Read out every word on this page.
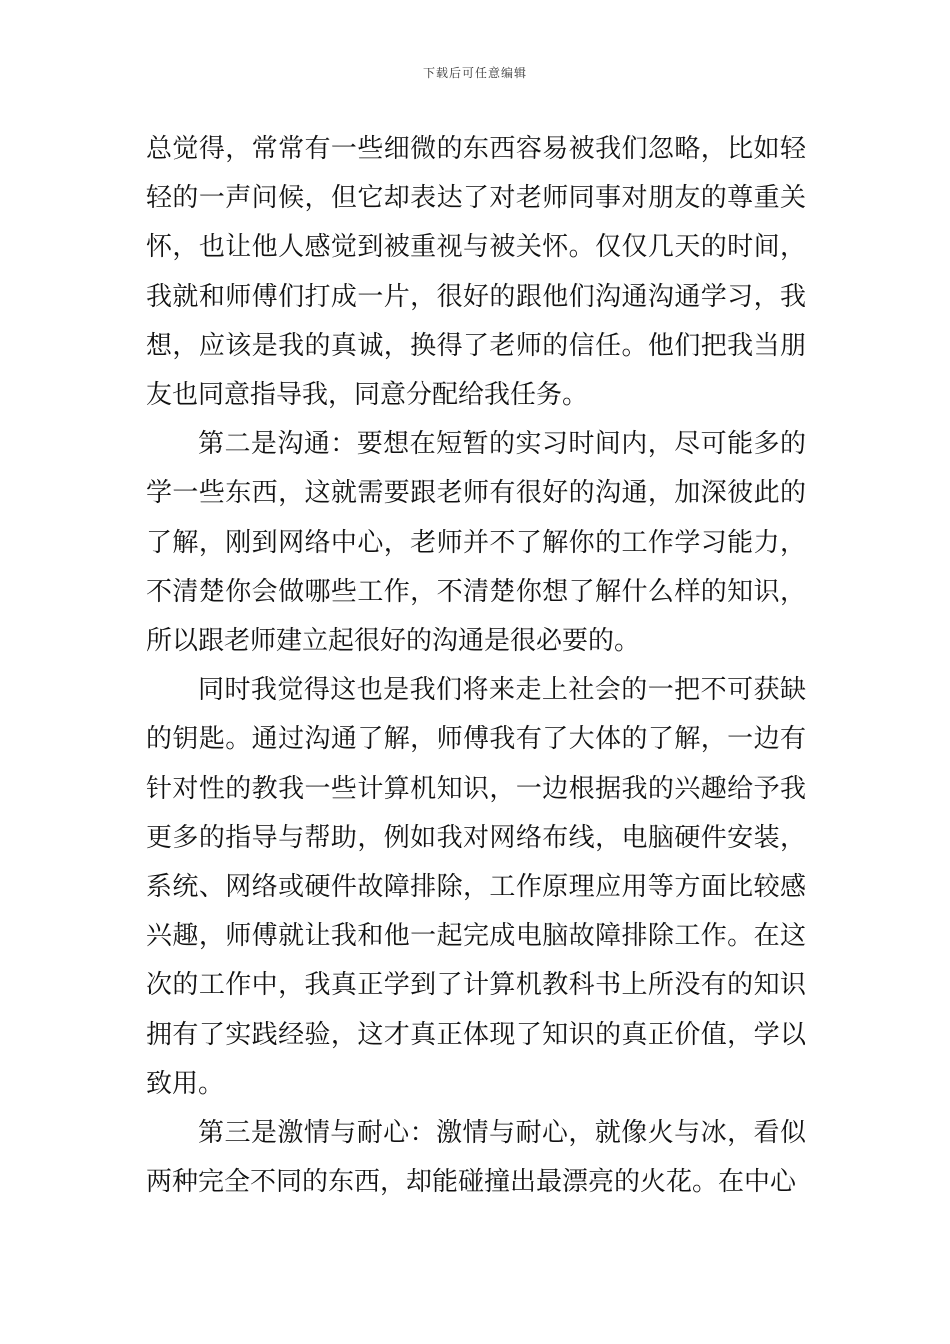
下载后可任意编辑

总觉得，常常有一些细微的东西容易被我们忽略，比如轻轻的一声问候，但它却表达了对老师同事对朋友的尊重关怀，也让他人感觉到被重视与被关怀。仅仅几天的时间，我就和师傅们打成一片，很好的跟他们沟通沟通学习，我想，应该是我的真诚，换得了老师的信任。他们把我当朋友也同意指导我，同意分配给我任务。

第二是沟通：要想在短暂的实习时间内，尽可能多的学一些东西，这就需要跟老师有很好的沟通，加深彼此的了解，刚到网络中心，老师并不了解你的工作学习能力，不清楚你会做哪些工作，不清楚你想了解什么样的知识，所以跟老师建立起很好的沟通是很必要的。

同时我觉得这也是我们将来走上社会的一把不可获缺的钥匙。通过沟通了解，师傅我有了大体的了解，一边有针对性的教我一些计算机知识，一边根据我的兴趣给予我更多的指导与帮助，例如我对网络布线，电脑硬件安装，系统、网络或硬件故障排除，工作原理应用等方面比较感兴趣，师傅就让我和他一起完成电脑故障排除工作。在这次的工作中，我真正学到了计算机教科书上所没有的知识拥有了实践经验，这才真正体现了知识的真正价值，学以致用。

第三是激情与耐心：激情与耐心，就像火与冰，看似两种完全不同的东西，却能碰撞出最漂亮的火花。在中心
